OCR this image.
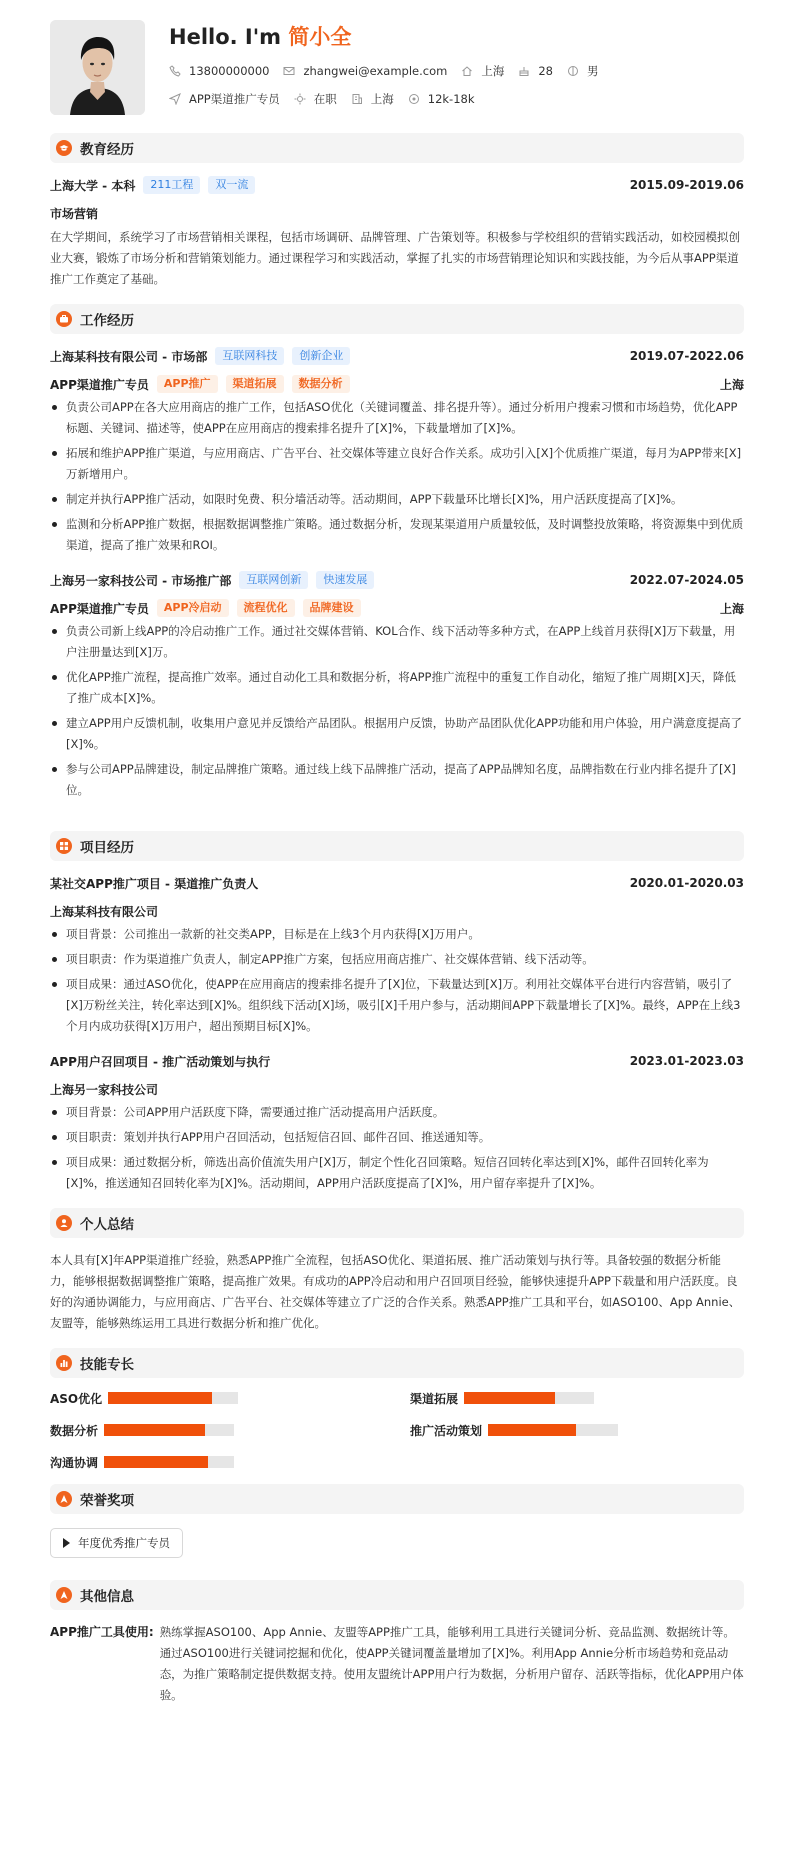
Hello. I'm 简小全
13800000000	zhangwei@example.com	上海	28	男
APP渠道推广专员	在职	上海	12k-18k
教育经历
上海大学 - 本科	211工程	双一流	2015.09-2019.06
市场营销

在大学期间，系统学习了市场营销相关课程，包括市场调研、品牌管理、广告策划等。积极参与学校组织的营销实践活动，如校园模拟创业大赛，锻炼了市场分析和营销策划能力。通过课程学习和实践活动，掌握了扎实的市场营销理论知识和实践技能，为今后从事APP渠道推广工作奠定了基础。

工作经历
上海某科技有限公司 - 市场部	互联网科技	创新企业	2019.07-2022.06
APP渠道推广专员	APP推广	渠道拓展	数据分析	上海
负责公司APP在各大应用商店的推广工作，包括ASO优化（关键词覆盖、排名提升等）。通过分析用户搜索习惯和市场趋势，优化APP标题、关键词、描述等，使APP在应用商店的搜索排名提升了[X]%，下载量增加了[X]%。
拓展和维护APP推广渠道，与应用商店、广告平台、社交媒体等建立良好合作关系。成功引入[X]个优质推广渠道，每月为APP带来[X]万新增用户。
制定并执行APP推广活动，如限时免费、积分墙活动等。活动期间，APP下载量环比增长[X]%，用户活跃度提高了[X]%。
监测和分析APP推广数据，根据数据调整推广策略。通过数据分析，发现某渠道用户质量较低，及时调整投放策略，将资源集中到优质渠道，提高了推广效果和ROI。
上海另一家科技公司 - 市场推广部	互联网创新	快速发展	2022.07-2024.05
APP渠道推广专员	APP冷启动	流程优化	品牌建设	上海
负责公司新上线APP的冷启动推广工作。通过社交媒体营销、KOL合作、线下活动等多种方式，在APP上线首月获得[X]万下载量，用户注册量达到[X]万。
优化APP推广流程，提高推广效率。通过自动化工具和数据分析，将APP推广流程中的重复工作自动化，缩短了推广周期[X]天，降低了推广成本[X]%。
建立APP用户反馈机制，收集用户意见并反馈给产品团队。根据用户反馈，协助产品团队优化APP功能和用户体验，用户满意度提高了[X]%。
参与公司APP品牌建设，制定品牌推广策略。通过线上线下品牌推广活动，提高了APP品牌知名度，品牌指数在行业内排名提升了[X]位。
项目经历
某社交APP推广项目 - 渠道推广负责人	2020.01-2020.03
上海某科技有限公司
项目背景：公司推出一款新的社交类APP，目标是在上线3个月内获得[X]万用户。
项目职责：作为渠道推广负责人，制定APP推广方案，包括应用商店推广、社交媒体营销、线下活动等。
项目成果：通过ASO优化，使APP在应用商店的搜索排名提升了[X]位，下载量达到[X]万。利用社交媒体平台进行内容营销，吸引了[X]万粉丝关注，转化率达到[X]%。组织线下活动[X]场，吸引[X]千用户参与，活动期间APP下载量增长了[X]%。最终，APP在上线3个月内成功获得[X]万用户，超出预期目标[X]%。
APP用户召回项目 - 推广活动策划与执行	2023.01-2023.03
上海另一家科技公司
项目背景：公司APP用户活跃度下降，需要通过推广活动提高用户活跃度。
项目职责：策划并执行APP用户召回活动，包括短信召回、邮件召回、推送通知等。
项目成果：通过数据分析，筛选出高价值流失用户[X]万，制定个性化召回策略。短信召回转化率达到[X]%，邮件召回转化率为[X]%，推送通知召回转化率为[X]%。活动期间，APP用户活跃度提高了[X]%，用户留存率提升了[X]%。
个人总结

本人具有[X]年APP渠道推广经验，熟悉APP推广全流程，包括ASO优化、渠道拓展、推广活动策划与执行等。具备较强的数据分析能力，能够根据数据调整推广策略，提高推广效果。有成功的APP冷启动和用户召回项目经验，能够快速提升APP下载量和用户活跃度。良好的沟通协调能力，与应用商店、广告平台、社交媒体等建立了广泛的合作关系。熟悉APP推广工具和平台，如ASO100、App Annie、友盟等，能够熟练运用工具进行数据分析和推广优化。

技能专长
ASO优化	渠道拓展
数据分析	推广活动策划
沟通协调
荣誉奖项
年度优秀推广专员
其他信息
APP推广工具使用: 熟练掌握ASO100、App Annie、友盟等APP推广工具，能够利用工具进行关键词分析、竞品监测、数据统计等。通过ASO100进行关键词挖掘和优化，使APP关键词覆盖量增加了[X]%。利用App Annie分析市场趋势和竞品动态，为推广策略制定提供数据支持。使用友盟统计APP用户行为数据，分析用户留存、活跃等指标，优化APP用户体验。
